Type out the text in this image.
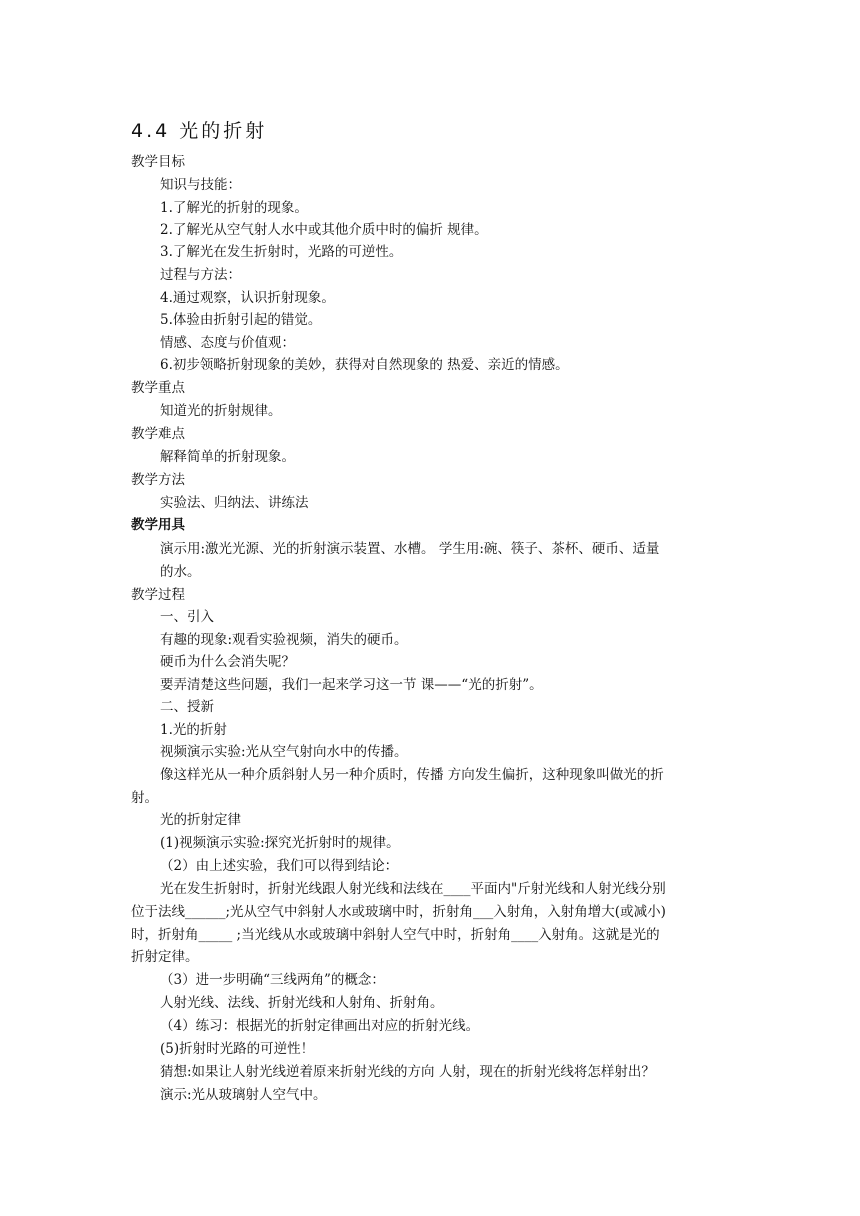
4.4 光的折射
教学目标
知识与技能：
1.了解光的折射的现象。
2.了解光从空气射人水中或其他介质中时的偏折 规律。
3.了解光在发生折射时，光路的可逆性。
过程与方法：
4.通过观察，认识折射现象。
5.体验由折射引起的错觉。
情感、态度与价值观：
6.初步领略折射现象的美妙，获得对自然现象的 热爱、亲近的情感。
教学重点
知道光的折射规律。
教学难点
解释简单的折射现象。
教学方法
实验法、归纳法、讲练法
教学用具
演示用:激光光源、光的折射演示装置、水槽。 学生用:碗、筷子、茶杯、硬币、适量
的水。
教学过程
一、引入
有趣的现象:观看实验视频，消失的硬币。
硬币为什么会消失呢？
要弄清楚这些问题，我们一起来学习这一节 课——“光的折射”。
二、授新
1.光的折射
视频演示实验:光从空气射向水中的传播。
像这样光从一种介质斜射人另一种介质时，传播 方向发生偏折，这种现象叫做光的折
射。
光的折射定律
(1)视频演示实验:探究光折射时的规律。
（2）由上述实验，我们可以得到结论：
光在发生折射时，折射光线跟人射光线和法线在____平面内"斤射光线和人射光线分别
位于法线______;光从空气中斜射人水或玻璃中时，折射角___入射角，入射角增大(或减小)
时，折射角_____ ;当光线从水或玻璃中斜射人空气中时，折射角____入射角。这就是光的
折射定律。
（3）进一步明确“三线两角”的概念：
人射光线、法线、折射光线和人射角、折射角。
（4）练习：根据光的折射定律画出对应的折射光线。
(5)折射时光路的可逆性！
猜想:如果让人射光线逆着原来折射光线的方向 人射，现在的折射光线将怎样射出？
演示:光从玻璃射人空气中。
